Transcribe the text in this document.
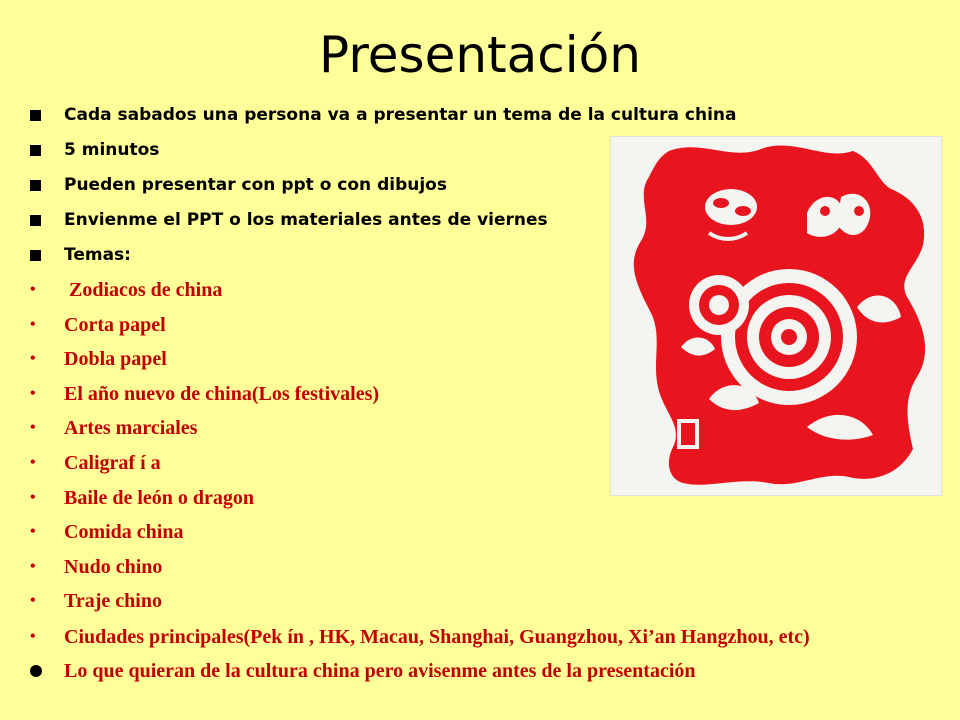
Presentación
Cada sabados una persona va a presentar un tema de la cultura china
5 minutos
Pueden presentar con ppt o con dibujos
Envienme el PPT o los materiales antes de viernes
Temas:
• Zodiacos de china
• Corta papel
• Dobla papel
• El año nuevo de china(Los festivales)
• Artes marciales
• Caligraf í a
• Baile de león o dragon
• Comida china
• Nudo chino
• Traje chino
• Ciudades principales(Pek ín , HK, Macau, Shanghai, Guangzhou, Xi’an Hangzhou, etc)
Lo que quieran de la cultura china pero avisenme antes de la presentación
